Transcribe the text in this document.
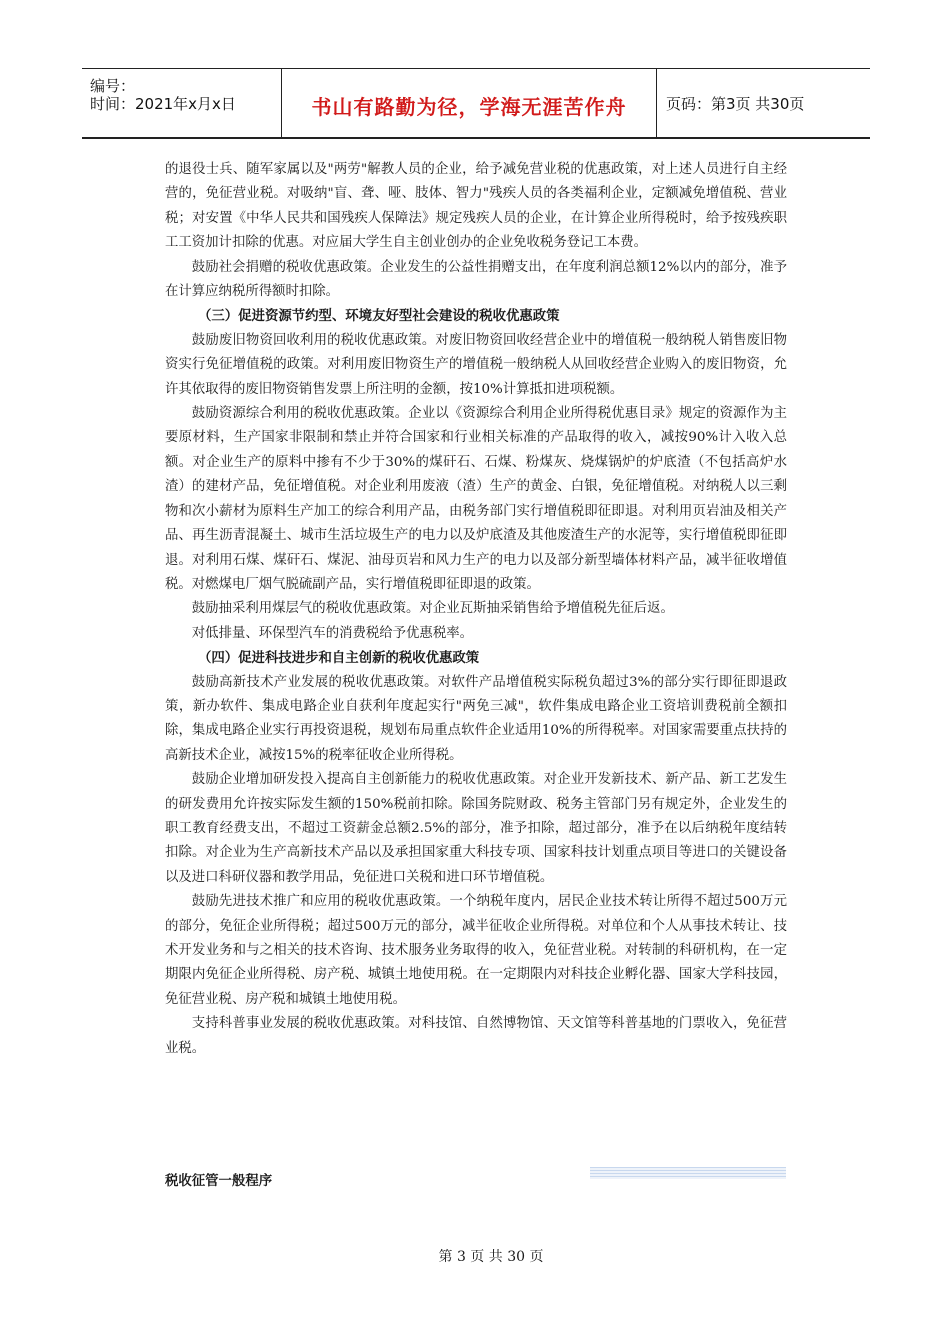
编号：
时间：2021年x月x日	书山有路勤为径，学海无涯苦作舟	页码：第3页 共30页

的退役士兵、随军家属以及"两劳"解教人员的企业，给予减免营业税的优惠政策，对上述人员进行自主经营的，免征营业税。对吸纳"盲、聋、哑、肢体、智力"残疾人员的各类福利企业，定额减免增值税、营业税；对安置《中华人民共和国残疾人保障法》规定残疾人员的企业，在计算企业所得税时，给予按残疾职工工资加计扣除的优惠。对应届大学生自主创业创办的企业免收税务登记工本费。

鼓励社会捐赠的税收优惠政策。企业发生的公益性捐赠支出，在年度利润总额12%以内的部分，准予在计算应纳税所得额时扣除。

（三）促进资源节约型、环境友好型社会建设的税收优惠政策

鼓励废旧物资回收利用的税收优惠政策。对废旧物资回收经营企业中的增值税一般纳税人销售废旧物资实行免征增值税的政策。对利用废旧物资生产的增值税一般纳税人从回收经营企业购入的废旧物资，允许其依取得的废旧物资销售发票上所注明的金额，按10%计算抵扣进项税额。

鼓励资源综合利用的税收优惠政策。企业以《资源综合利用企业所得税优惠目录》规定的资源作为主要原材料，生产国家非限制和禁止并符合国家和行业相关标准的产品取得的收入，减按90%计入收入总额。对企业生产的原料中掺有不少于30%的煤矸石、石煤、粉煤灰、烧煤锅炉的炉底渣（不包括高炉水渣）的建材产品，免征增值税。对企业利用废液（渣）生产的黄金、白银，免征增值税。对纳税人以三剩物和次小薪材为原料生产加工的综合利用产品，由税务部门实行增值税即征即退。对利用页岩油及相关产品、再生沥青混凝土、城市生活垃圾生产的电力以及炉底渣及其他废渣生产的水泥等，实行增值税即征即退。对利用石煤、煤矸石、煤泥、油母页岩和风力生产的电力以及部分新型墙体材料产品，减半征收增值税。对燃煤电厂烟气脱硫副产品，实行增值税即征即退的政策。

鼓励抽采利用煤层气的税收优惠政策。对企业瓦斯抽采销售给予增值税先征后返。

对低排量、环保型汽车的消费税给予优惠税率。

（四）促进科技进步和自主创新的税收优惠政策

鼓励高新技术产业发展的税收优惠政策。对软件产品增值税实际税负超过3%的部分实行即征即退政策，新办软件、集成电路企业自获利年度起实行"两免三减"，软件集成电路企业工资培训费税前全额扣除，集成电路企业实行再投资退税，规划布局重点软件企业适用10%的所得税率。对国家需要重点扶持的高新技术企业，减按15%的税率征收企业所得税。

鼓励企业增加研发投入提高自主创新能力的税收优惠政策。对企业开发新技术、新产品、新工艺发生的研发费用允许按实际发生额的150%税前扣除。除国务院财政、税务主管部门另有规定外，企业发生的职工教育经费支出，不超过工资薪金总额2.5%的部分，准予扣除，超过部分，准予在以后纳税年度结转扣除。对企业为生产高新技术产品以及承担国家重大科技专项、国家科技计划重点项目等进口的关键设备以及进口科研仪器和教学用品，免征进口关税和进口环节增值税。

鼓励先进技术推广和应用的税收优惠政策。一个纳税年度内，居民企业技术转让所得不超过500万元的部分，免征企业所得税；超过500万元的部分，减半征收企业所得税。对单位和个人从事技术转让、技术开发业务和与之相关的技术咨询、技术服务业务取得的收入，免征营业税。对转制的科研机构，在一定期限内免征企业所得税、房产税、城镇土地使用税。在一定期限内对科技企业孵化器、国家大学科技园，免征营业税、房产税和城镇土地使用税。

支持科普事业发展的税收优惠政策。对科技馆、自然博物馆、天文馆等科普基地的门票收入，免征营业税。

税收征管一般程序
第 3 页 共 30 页
